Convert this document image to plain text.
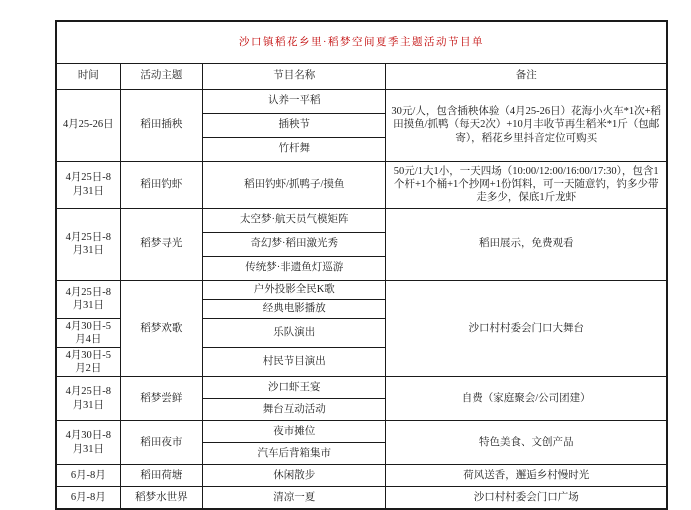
沙口镇稻花乡里·稻梦空间夏季主题活动节目单			
时间	活动主题	节目名称	备注
4月25-26日	稻田插秧	认养一平稻	30元/人，包含插秧体验（4月25-26日）花海小火车*1次+稻田摸鱼/抓鸭（每天2次）+10月丰收节再生稻米*1斤（包邮寄），稻花乡里抖音定位可购买
		插秧节	
		竹杆舞	
4月25日-8月31日	稻田钓虾	稻田钓虾/抓鸭子/摸鱼	50元/1大1小，一天四场（10:00/12:00/16:00/17:30），包含1个杆+1个桶+1个抄网+1份饵料，可一天随意钓，钓多少带走多少，保底1斤龙虾
4月25日-8月31日	稻梦寻光	太空梦·航天员气模矩阵	稻田展示，免费观看
		奇幻梦·稻田激光秀	
		传统梦·非遗鱼灯巡游	
4月25日-8月31日	稻梦欢歌	户外投影全民K歌	沙口村村委会门口大舞台
		经典电影播放	
4月30日-5月4日		乐队演出	
4月30日-5月2日		村民节目演出	
4月25日-8月31日	稻梦尝鲜	沙口虾王宴	自费（家庭聚会/公司团建）
		舞台互动活动	
4月30日-8月31日	稻田夜市	夜市摊位	特色美食、文创产品
		汽车后背箱集市	
6月-8月	稻田荷塘	休闲散步	荷风送香，邂逅乡村慢时光
6月-8月	稻梦水世界	清凉一夏	沙口村村委会门口广场
